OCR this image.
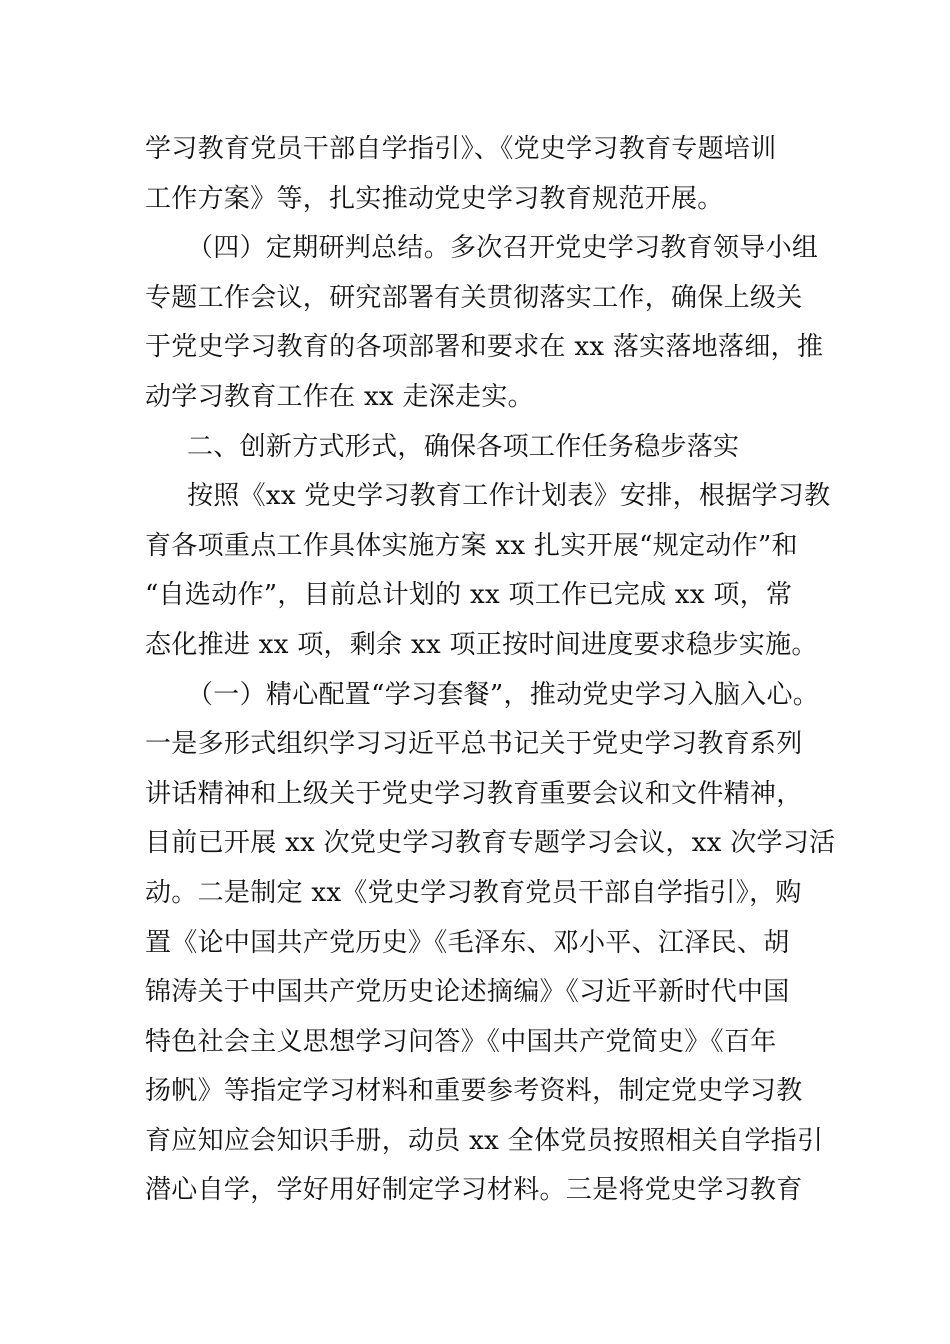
学习教育党员干部自学指引》、《党史学习教育专题培训
工作方案》等，扎实推动党史学习教育规范开展。
（四）定期研判总结。多次召开党史学习教育领导小组
专题工作会议，研究部署有关贯彻落实工作，确保上级关
于党史学习教育的各项部署和要求在 xx 落实落地落细，推
动学习教育工作在 xx 走深走实。
二、创新方式形式，确保各项工作任务稳步落实
按照《xx 党史学习教育工作计划表》安排，根据学习教
育各项重点工作具体实施方案 xx 扎实开展“规定动作”和
“自选动作”，目前总计划的 xx 项工作已完成 xx 项，常
态化推进 xx 项，剩余 xx 项正按时间进度要求稳步实施。
（一）精心配置“学习套餐”，推动党史学习入脑入心。
一是多形式组织学习习近平总书记关于党史学习教育系列
讲话精神和上级关于党史学习教育重要会议和文件精神，
目前已开展 xx 次党史学习教育专题学习会议，xx 次学习活
动。二是制定 xx《党史学习教育党员干部自学指引》，购
置《论中国共产党历史》《毛泽东、邓小平、江泽民、胡
锦涛关于中国共产党历史论述摘编》《习近平新时代中国
特色社会主义思想学习问答》《中国共产党简史》《百年
扬帆》等指定学习材料和重要参考资料，制定党史学习教
育应知应会知识手册，动员 xx 全体党员按照相关自学指引
潜心自学，学好用好制定学习材料。三是将党史学习教育
